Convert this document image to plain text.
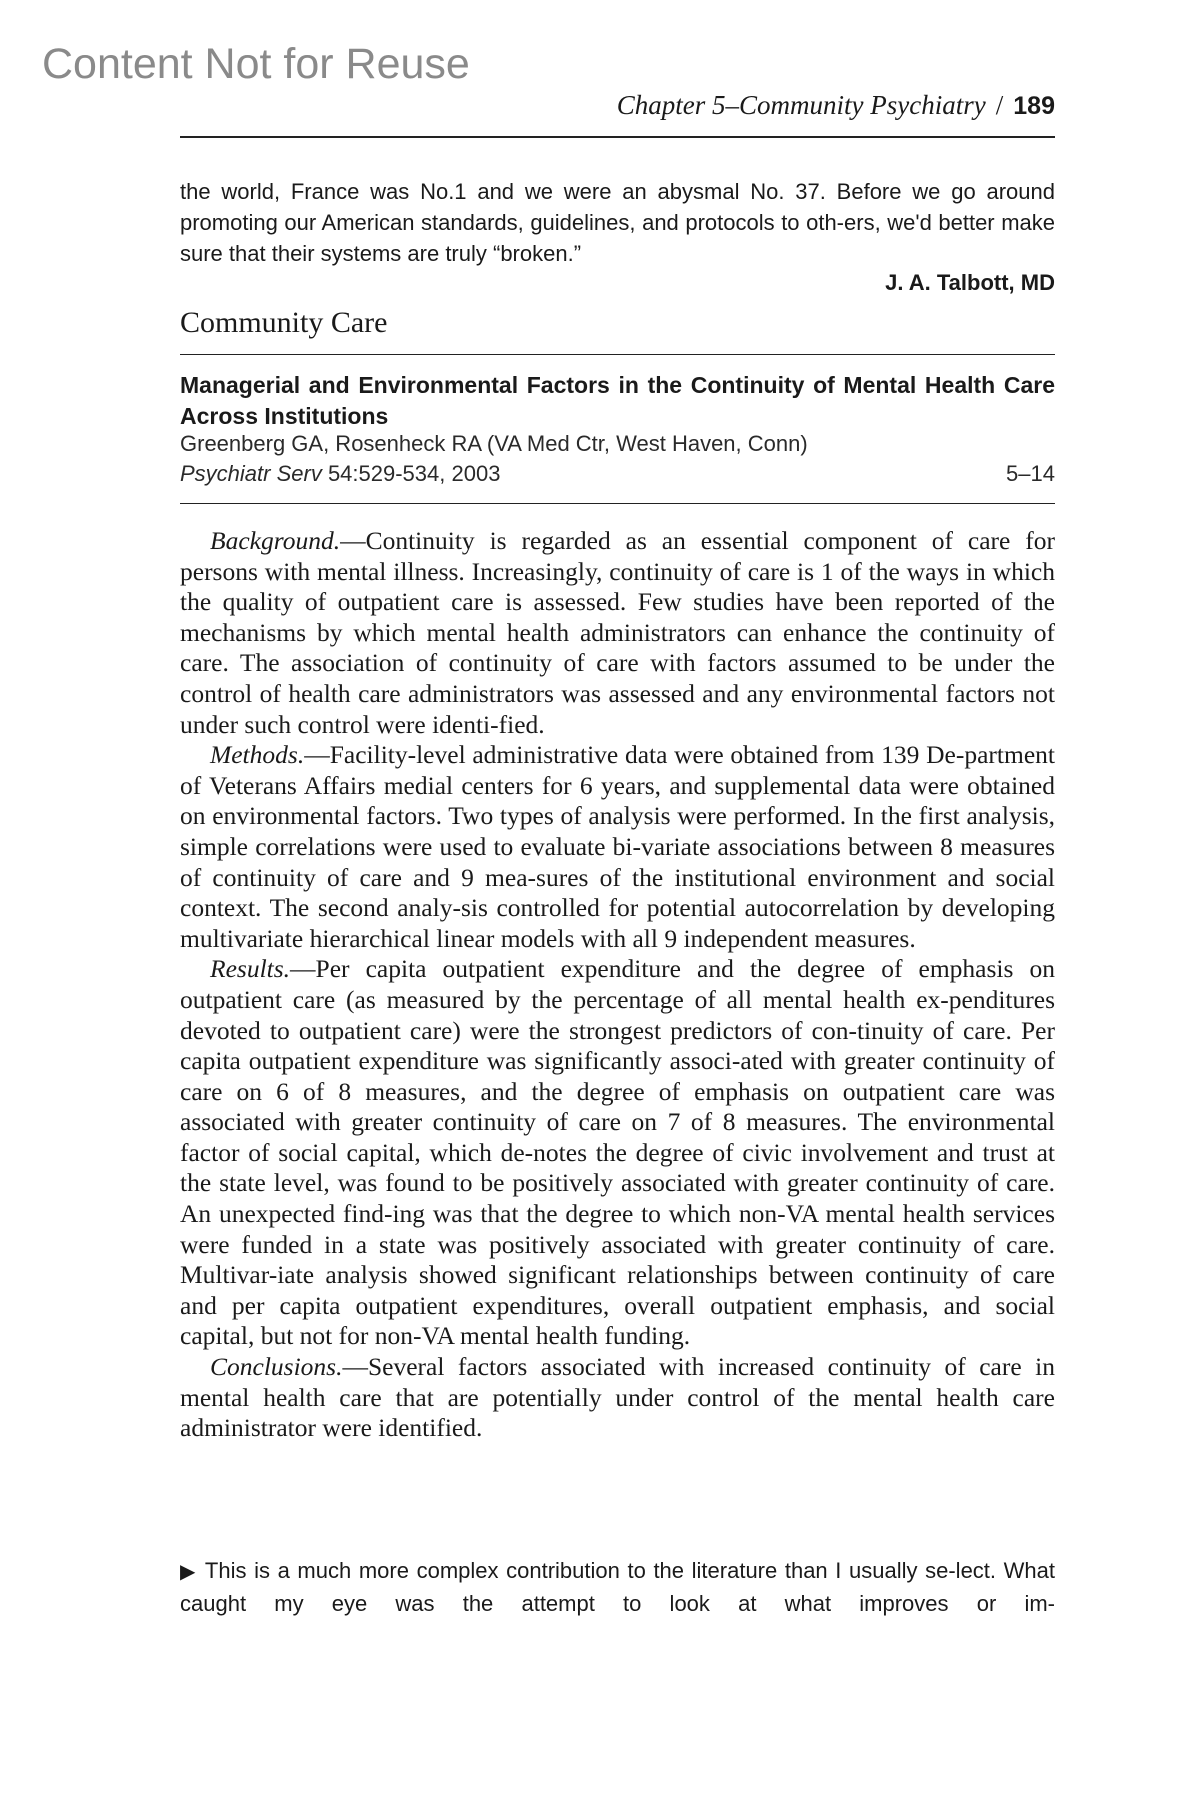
Content Not for Reuse
Chapter 5–Community Psychiatry / 189
the world, France was No.1 and we were an abysmal No. 37. Before we go around promoting our American standards, guidelines, and protocols to oth-ers, we'd better make sure that their systems are truly “broken.”
J. A. Talbott, MD
Community Care
Managerial and Environmental Factors in the Continuity of Mental Health Care Across Institutions
Greenberg GA, Rosenheck RA (VA Med Ctr, West Haven, Conn)
Psychiatr Serv 54:529-534, 2003	5–14

Background.—Continuity is regarded as an essential component of care for persons with mental illness. Increasingly, continuity of care is 1 of the ways in which the quality of outpatient care is assessed. Few studies have been reported of the mechanisms by which mental health administrators can enhance the continuity of care. The association of continuity of care with factors assumed to be under the control of health care administrators was assessed and any environmental factors not under such control were identi-fied.

Methods.—Facility-level administrative data were obtained from 139 De-partment of Veterans Affairs medial centers for 6 years, and supplemental data were obtained on environmental factors. Two types of analysis were performed. In the first analysis, simple correlations were used to evaluate bi-variate associations between 8 measures of continuity of care and 9 mea-sures of the institutional environment and social context. The second analy-sis controlled for potential autocorrelation by developing multivariate hierarchical linear models with all 9 independent measures.

Results.—Per capita outpatient expenditure and the degree of emphasis on outpatient care (as measured by the percentage of all mental health ex-penditures devoted to outpatient care) were the strongest predictors of con-tinuity of care. Per capita outpatient expenditure was significantly associ-ated with greater continuity of care on 6 of 8 measures, and the degree of emphasis on outpatient care was associated with greater continuity of care on 7 of 8 measures. The environmental factor of social capital, which de-notes the degree of civic involvement and trust at the state level, was found to be positively associated with greater continuity of care. An unexpected find-ing was that the degree to which non-VA mental health services were funded in a state was positively associated with greater continuity of care. Multivar-iate analysis showed significant relationships between continuity of care and per capita outpatient expenditures, overall outpatient emphasis, and social capital, but not for non-VA mental health funding.

Conclusions.—Several factors associated with increased continuity of care in mental health care that are potentially under control of the mental health care administrator were identified.

▶ This is a much more complex contribution to the literature than I usually se-lect. What caught my eye was the attempt to look at what improves or im-
